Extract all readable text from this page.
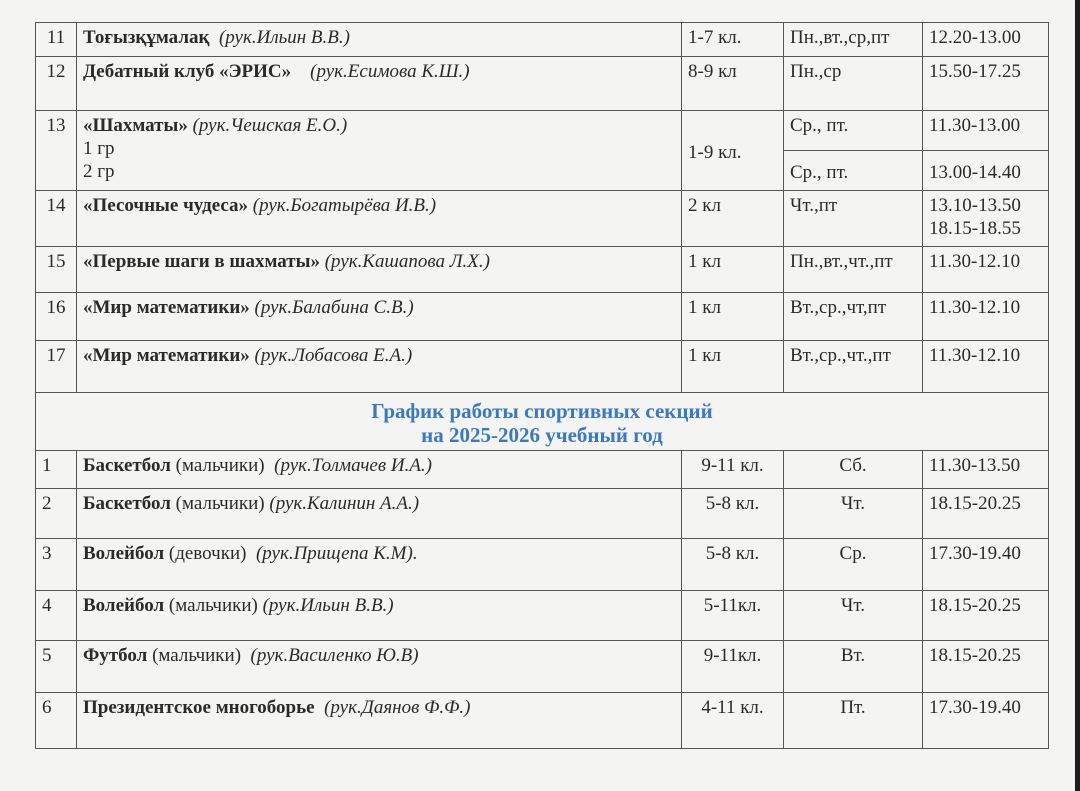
11	Тоғызқұмалақ (рук.Ильин В.В.)	1-7 кл.	Пн.,вт.,ср,пт	12.20-13.00
12	Дебатный клуб «ЭРИС» (рук.Есимова К.Ш.)	8-9 кл	Пн.,ср	15.50-17.25
13	«Шахматы» (рук.Чешская Е.О.)
1 гр
2 гр	1-9 кл.	Ср., пт.	11.30-13.00
			Ср., пт.	13.00-14.40
14	«Песочные чудеса» (рук.Богатырёва И.В.)	2 кл	Чт.,пт	13.10-13.50
18.15-18.55

15	«Первые шаги в шахматы» (рук.Кашапова Л.Х.)	1 кл	Пн.,вт.,чт.,пт	11.30-12.10
16	«Мир математики» (рук.Балабина С.В.)	1 кл	Вт.,ср.,чт,пт	11.30-12.10
17	«Мир математики» (рук.Лобасова Е.А.)	1 кл	Вт.,ср.,чт.,пт	11.30-12.10

График работы спортивных секций
на 2025-2026 учебный год				

1	Баскетбол (мальчики) (рук.Толмачев И.А.)	9-11 кл.	Сб.	11.30-13.50
2	Баскетбол (мальчики) (рук.Калинин А.А.)	5-8 кл.	Чт.	18.15-20.25
3	Волейбол (девочки) (рук.Прищепа К.М).	5-8 кл.	Ср.	17.30-19.40
4	Волейбол (мальчики) (рук.Ильин В.В.)	5-11кл.	Чт.	18.15-20.25
5	Футбол (мальчики) (рук.Василенко Ю.В)	9-11кл.	Вт.	18.15-20.25
6	Президентское многоборье (рук.Даянов Ф.Ф.)	4-11 кл.	Пт.	17.30-19.40
